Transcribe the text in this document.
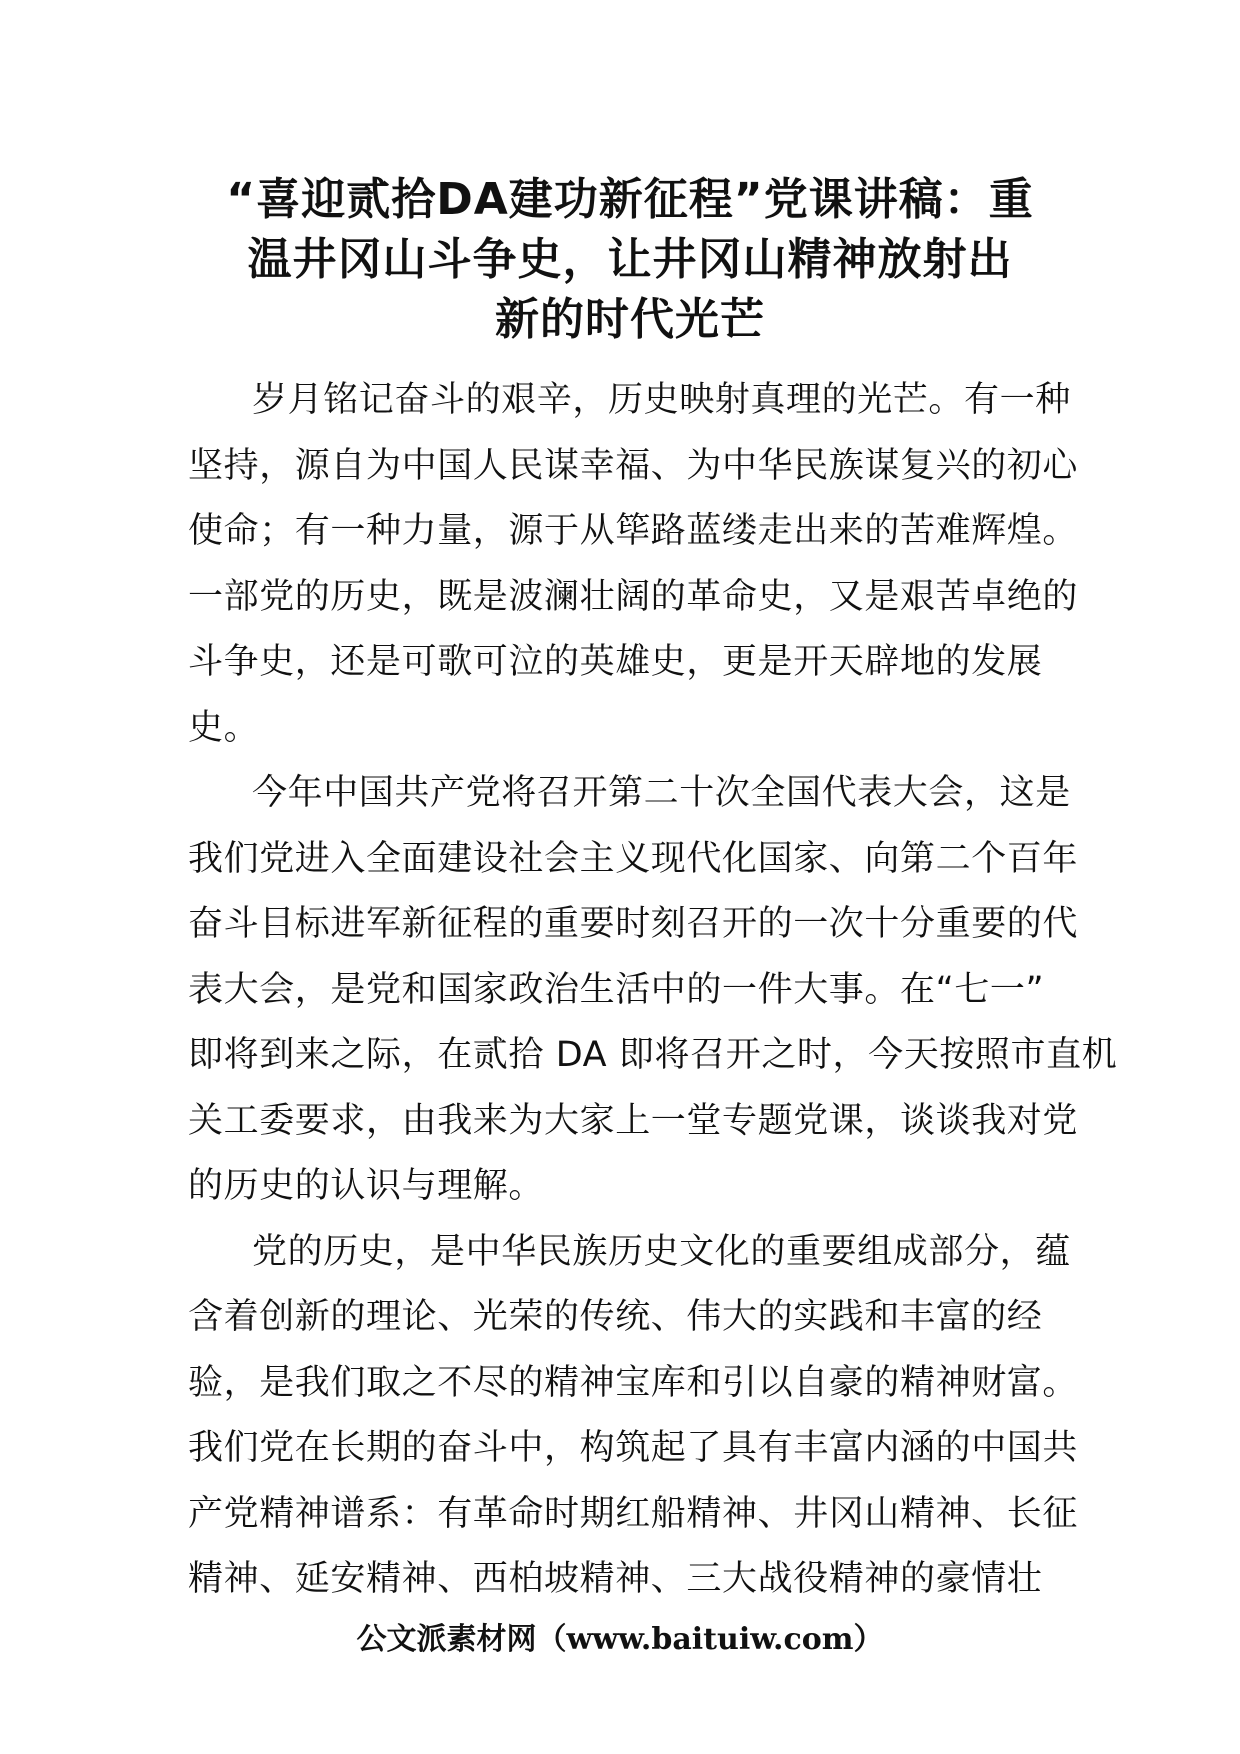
“喜迎贰拾DA建功新征程”党课讲稿：重
温井冈山斗争史，让井冈山精神放射出
新的时代光芒
岁月铭记奋斗的艰辛，历史映射真理的光芒。有一种
坚持，源自为中国人民谋幸福、为中华民族谋复兴的初心
使命；有一种力量，源于从筚路蓝缕走出来的苦难辉煌。
一部党的历史，既是波澜壮阔的革命史，又是艰苦卓绝的
斗争史，还是可歌可泣的英雄史，更是开天辟地的发展
史。
今年中国共产党将召开第二十次全国代表大会，这是
我们党进入全面建设社会主义现代化国家、向第二个百年
奋斗目标进军新征程的重要时刻召开的一次十分重要的代
表大会，是党和国家政治生活中的一件大事。在“七一”
即将到来之际，在贰拾 DA 即将召开之时，今天按照市直机
关工委要求，由我来为大家上一堂专题党课，谈谈我对党
的历史的认识与理解。
党的历史，是中华民族历史文化的重要组成部分，蕴
含着创新的理论、光荣的传统、伟大的实践和丰富的经
验，是我们取之不尽的精神宝库和引以自豪的精神财富。
我们党在长期的奋斗中，构筑起了具有丰富内涵的中国共
产党精神谱系：有革命时期红船精神、井冈山精神、长征
精神、延安精神、西柏坡精神、三大战役精神的豪情壮
公文派素材网（www.baituiw.com）
